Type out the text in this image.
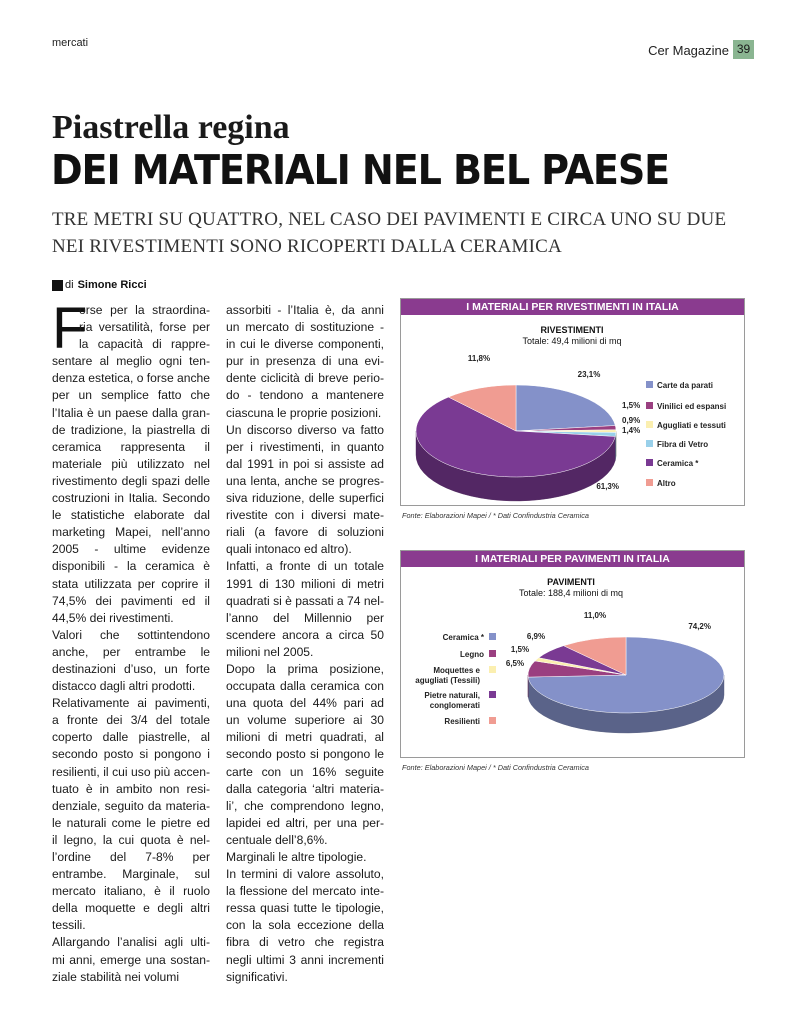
mercati	Cer Magazine 39
Piastrella regina
DEI MATERIALI NEL BEL PAESE
TRE METRI SU QUATTRO, NEL CASO DEI PAVIMENTI E CIRCA UNO SU DUE
NEI RIVESTIMENTI SONO RICOPERTI DALLA CERAMICA
di Simone Ricci
F
orse per la straordina-
ria versatilità, forse per
la capacità di rappre-
sentare al meglio ogni ten-
denza estetica, o forse anche
per un semplice fatto che
l’Italia è un paese dalla gran-
de tradizione, la piastrella di
ceramica rappresenta il
materiale più utilizzato nel
rivestimento degli spazi delle
costruzioni in Italia. Secondo
le statistiche elaborate dal
marketing Mapei, nell’anno
2005 - ultime evidenze
disponibili - la ceramica è
stata utilizzata per coprire il
74,5% dei pavimenti ed il
44,5% dei rivestimenti.
Valori che sottintendono
anche, per entrambe le
destinazioni d’uso, un forte
distacco dagli altri prodotti.
Relativamente ai pavimenti,
a fronte dei 3/4 del totale
coperto dalle piastrelle, al
secondo posto si pongono i
resilienti, il cui uso più accen-
tuato è in ambito non resi-
denziale, seguito da materia-
le naturali come le pietre ed
il legno, la cui quota è nel-
l’ordine del 7-8% per
entrambe. Marginale, sul
mercato italiano, è il ruolo
della moquette e degli altri
tessili.
Allargando l’analisi agli ulti-
mi anni, emerge una sostan-
ziale stabilità nei volumi
assorbiti - l’Italia è, da anni
un mercato di sostituzione -
in cui le diverse componenti,
pur in presenza di una evi-
dente ciclicità di breve perio-
do - tendono a mantenere
ciascuna le proprie posizioni.
Un discorso diverso va fatto
per i rivestimenti, in quanto
dal 1991 in poi si assiste ad
una lenta, anche se progres-
siva riduzione, delle superfici
rivestite con i diversi mate-
riali (a favore di soluzioni
quali intonaco ed altro).
Infatti, a fronte di un totale
1991 di 130 milioni di metri
quadrati si è passati a 74 nel-
l’anno del Millennio per
scendere ancora a circa 50
milioni nel 2005.
Dopo la prima posizione,
occupata dalla ceramica con
una quota del 44% pari ad
un volume superiore ai 30
milioni di metri quadrati, al
secondo posto si pongono le
carte con un 16% seguite
dalla categoria ‘altri materia-
li’, che comprendono legno,
lapidei ed altri, per una per-
centuale dell’8,6%.
Marginali le altre tipologie.
In termini di valore assoluto,
la flessione del mercato inte-
ressa quasi tutte le tipologie,
con la sola eccezione della
fibra di vetro che registra
negli ultimi 3 anni incrementi
significativi.
I MATERIALI PER RIVESTIMENTI IN ITALIA
RIVESTIMENTI
Totale: 49,4 milioni di mq
23,1%
1,5%
0,9%
1,4%
61,3%
11,8%
Carte da parati
Vinilici ed espansi
Agugliati e tessuti
Fibra di Vetro
Ceramica *
Altro
Fonte: Elaborazioni Mapei / * Dati Confindustria Ceramica
I MATERIALI PER PAVIMENTI IN ITALIA
PAVIMENTI
Totale: 188,4 milioni di mq
74,2%
6,9%
1,5%
6,5%
11,0%
Ceramica *
Legno
Moquettes e
agugliati (Tessili)
Pietre naturali,
conglomerati
Resilienti
Fonte: Elaborazioni Mapei / * Dati Confindustria Ceramica
